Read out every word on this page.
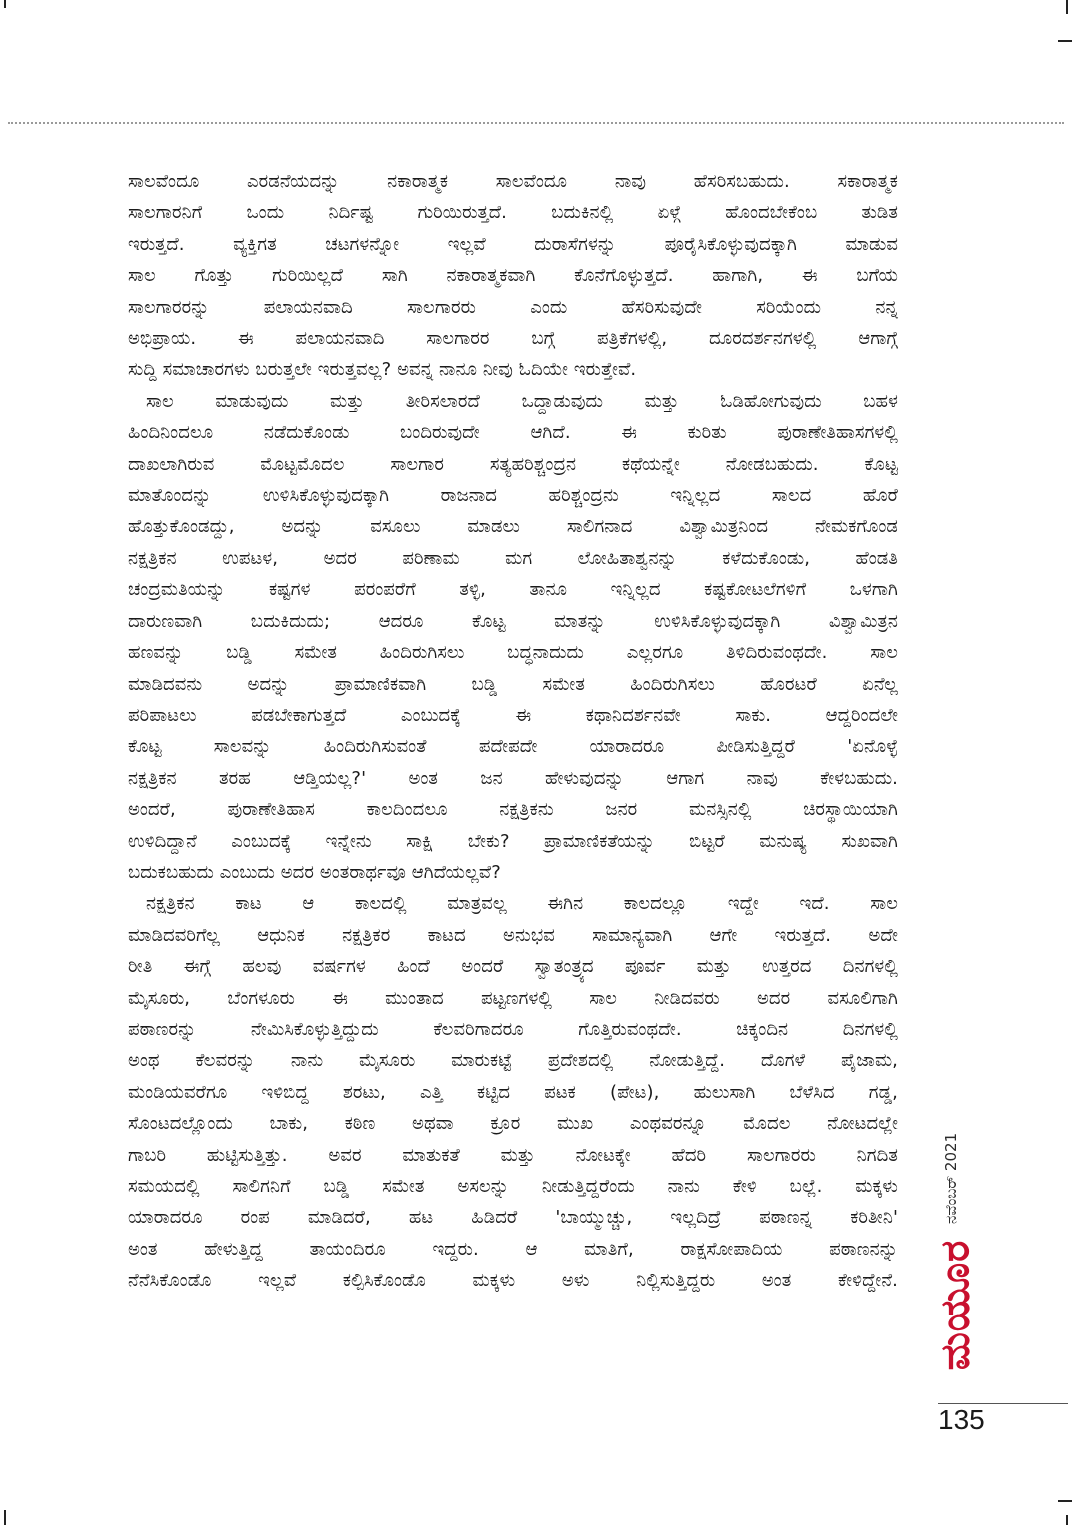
ಸಾಲವೆಂದೂ ಎರಡನೆಯದನ್ನು ನಕಾರಾತ್ಮಕ ಸಾಲವೆಂದೂ ನಾವು ಹೆಸರಿಸಬಹುದು. ಸಕಾರಾತ್ಮಕ

ಸಾಲಗಾರನಿಗೆ ಒಂದು ನಿರ್ದಿಷ್ಟ ಗುರಿಯಿರುತ್ತದೆ. ಬದುಕಿನಲ್ಲಿ ಏಳ್ಗೆ ಹೊಂದಬೇಕೆಂಬ ತುಡಿತ

ಇರುತ್ತದೆ. ವ್ಯಕ್ತಿಗತ ಚಟಗಳನ್ನೋ ಇಲ್ಲವೆ ದುರಾಸೆಗಳನ್ನು ಪೂರೈಸಿಕೊಳ್ಳುವುದಕ್ಕಾಗಿ ಮಾಡುವ

ಸಾಲ ಗೊತ್ತು ಗುರಿಯಿಲ್ಲದೆ ಸಾಗಿ ನಕಾರಾತ್ಮಕವಾಗಿ ಕೊನೆಗೊಳ್ಳುತ್ತದೆ. ಹಾಗಾಗಿ, ಈ ಬಗೆಯ

ಸಾಲಗಾರರನ್ನು ಪಲಾಯನವಾದಿ ಸಾಲಗಾರರು ಎಂದು ಹೆಸರಿಸುವುದೇ ಸರಿಯೆಂದು ನನ್ನ

ಅಭಿಪ್ರಾಯ. ಈ ಪಲಾಯನವಾದಿ ಸಾಲಗಾರರ ಬಗ್ಗೆ ಪತ್ರಿಕೆಗಳಲ್ಲಿ, ದೂರದರ್ಶನಗಳಲ್ಲಿ ಆಗಾಗ್ಗೆ

ಸುದ್ದಿ ಸಮಾಚಾರಗಳು ಬರುತ್ತಲೇ ಇರುತ್ತವಲ್ಲ? ಅವನ್ನ ನಾನೂ ನೀವು ಓದಿಯೇ ಇರುತ್ತೇವೆ.

ಸಾಲ ಮಾಡುವುದು ಮತ್ತು ತೀರಿಸಲಾರದೆ ಒದ್ದಾಡುವುದು ಮತ್ತು ಓಡಿಹೋಗುವುದು ಬಹಳ

ಹಿಂದಿನಿಂದಲೂ ನಡೆದುಕೊಂಡು ಬಂದಿರುವುದೇ ಆಗಿದೆ. ಈ ಕುರಿತು ಪುರಾಣೇತಿಹಾಸಗಳಲ್ಲಿ

ದಾಖಲಾಗಿರುವ ಮೊಟ್ಟಮೊದಲ ಸಾಲಗಾರ ಸತ್ಯಹರಿಶ್ಚಂದ್ರನ ಕಥೆಯನ್ನೇ ನೋಡಬಹುದು. ಕೊಟ್ಟ

ಮಾತೊಂದನ್ನು ಉಳಿಸಿಕೊಳ್ಳುವುದಕ್ಕಾಗಿ ರಾಜನಾದ ಹರಿಶ್ಚಂದ್ರನು ಇನ್ನಿಲ್ಲದ ಸಾಲದ ಹೊರೆ

ಹೊತ್ತುಕೊಂಡದ್ದು, ಅದನ್ನು ವಸೂಲು ಮಾಡಲು ಸಾಲಿಗನಾದ ವಿಶ್ವಾಮಿತ್ರನಿಂದ ನೇಮಕಗೊಂಡ

ನಕ್ಷತ್ರಿಕನ ಉಪಟಳ, ಅದರ ಪರಿಣಾಮ ಮಗ ಲೋಹಿತಾಶ್ವನನ್ನು ಕಳೆದುಕೊಂಡು, ಹೆಂಡತಿ

ಚಂದ್ರಮತಿಯನ್ನು ಕಷ್ಟಗಳ ಪರಂಪರೆಗೆ ತಳ್ಳಿ, ತಾನೂ ಇನ್ನಿಲ್ಲದ ಕಷ್ಟಕೋಟಲೆಗಳಿಗೆ ಒಳಗಾಗಿ

ದಾರುಣವಾಗಿ ಬದುಕಿದುದು; ಆದರೂ ಕೊಟ್ಟ ಮಾತನ್ನು ಉಳಿಸಿಕೊಳ್ಳುವುದಕ್ಕಾಗಿ ವಿಶ್ವಾಮಿತ್ರನ

ಹಣವನ್ನು ಬಡ್ಡಿ ಸಮೇತ ಹಿಂದಿರುಗಿಸಲು ಬದ್ಧನಾದುದು ಎಲ್ಲರಗೂ ತಿಳಿದಿರುವಂಥದೇ. ಸಾಲ

ಮಾಡಿದವನು ಅದನ್ನು ಪ್ರಾಮಾಣಿಕವಾಗಿ ಬಡ್ಡಿ ಸಮೇತ ಹಿಂದಿರುಗಿಸಲು ಹೊರಟರೆ ಏನೆಲ್ಲ

ಪರಿಪಾಟಲು ಪಡಬೇಕಾಗುತ್ತದೆ ಎಂಬುದಕ್ಕೆ ಈ ಕಥಾನಿದರ್ಶನವೇ ಸಾಕು. ಆದ್ದರಿಂದಲೇ

ಕೊಟ್ಟ ಸಾಲವನ್ನು ಹಿಂದಿರುಗಿಸುವಂತೆ ಪದೇಪದೇ ಯಾರಾದರೂ ಪೀಡಿಸುತ್ತಿದ್ದರೆ 'ಏನೊಳ್ಳೆ

ನಕ್ಷತ್ರಿಕನ ತರಹ ಆಡ್ತಿಯಲ್ಲ?' ಅಂತ ಜನ ಹೇಳುವುದನ್ನು ಆಗಾಗ ನಾವು ಕೇಳಬಹುದು.

ಅಂದರೆ, ಪುರಾಣೇತಿಹಾಸ ಕಾಲದಿಂದಲೂ ನಕ್ಷತ್ರಿಕನು ಜನರ ಮನಸ್ಸಿನಲ್ಲಿ ಚಿರಸ್ಥಾಯಿಯಾಗಿ

ಉಳಿದಿದ್ದಾನೆ ಎಂಬುದಕ್ಕೆ ಇನ್ನೇನು ಸಾಕ್ಷಿ ಬೇಕು? ಪ್ರಾಮಾಣಿಕತೆಯನ್ನು ಬಿಟ್ಟರೆ ಮನುಷ್ಯ ಸುಖವಾಗಿ

ಬದುಕಬಹುದು ಎಂಬುದು ಅದರ ಅಂತರಾರ್ಥವೂ ಆಗಿದೆಯಲ್ಲವೆ?

ನಕ್ಷತ್ರಿಕನ ಕಾಟ ಆ ಕಾಲದಲ್ಲಿ ಮಾತ್ರವಲ್ಲ ಈಗಿನ ಕಾಲದಲ್ಲೂ ಇದ್ದೇ ಇದೆ. ಸಾಲ

ಮಾಡಿದವರಿಗೆಲ್ಲ ಆಧುನಿಕ ನಕ್ಷತ್ರಿಕರ ಕಾಟದ ಅನುಭವ ಸಾಮಾನ್ಯವಾಗಿ ಆಗೇ ಇರುತ್ತದೆ. ಅದೇ

ರೀತಿ ಈಗ್ಗೆ ಹಲವು ವರ್ಷಗಳ ಹಿಂದೆ ಅಂದರೆ ಸ್ವಾತಂತ್ರ್ಯದ ಪೂರ್ವ ಮತ್ತು ಉತ್ತರದ ದಿನಗಳಲ್ಲಿ

ಮೈಸೂರು, ಬೆಂಗಳೂರು ಈ ಮುಂತಾದ ಪಟ್ಟಣಗಳಲ್ಲಿ ಸಾಲ ನೀಡಿದವರು ಅದರ ವಸೂಲಿಗಾಗಿ

ಪಠಾಣರನ್ನು ನೇಮಿಸಿಕೊಳ್ಳುತ್ತಿದ್ದುದು ಕೆಲವರಿಗಾದರೂ ಗೊತ್ತಿರುವಂಥದೇ. ಚಿಕ್ಕಂದಿನ ದಿನಗಳಲ್ಲಿ

ಅಂಥ ಕೆಲವರನ್ನು ನಾನು ಮೈಸೂರು ಮಾರುಕಟ್ಟೆ ಪ್ರದೇಶದಲ್ಲಿ ನೋಡುತ್ತಿದ್ದೆ. ದೊಗಳೆ ಪೈಜಾಮ,

ಮಂಡಿಯವರೆಗೂ ಇಳಿಬಿದ್ದ ಶರಟು, ಎತ್ತಿ ಕಟ್ಟಿದ ಪಟಕ (ಪೇಟ), ಹುಲುಸಾಗಿ ಬೆಳೆಸಿದ ಗಡ್ಡ,

ಸೊಂಟದಲ್ಲೊಂದು ಬಾಕು, ಕಠಿಣ ಅಥವಾ ಕ್ರೂರ ಮುಖ ಎಂಥವರನ್ನೂ ಮೊದಲ ನೋಟದಲ್ಲೇ

ಗಾಬರಿ ಹುಟ್ಟಿಸುತ್ತಿತ್ತು. ಅವರ ಮಾತುಕತೆ ಮತ್ತು ನೋಟಕ್ಕೇ ಹೆದರಿ ಸಾಲಗಾರರು ನಿಗದಿತ

ಸಮಯದಲ್ಲಿ ಸಾಲಿಗನಿಗೆ ಬಡ್ಡಿ ಸಮೇತ ಅಸಲನ್ನು ನೀಡುತ್ತಿದ್ದರೆಂದು ನಾನು ಕೇಳಿ ಬಲ್ಲೆ. ಮಕ್ಕಳು

ಯಾರಾದರೂ ರಂಪ ಮಾಡಿದರೆ, ಹಟ ಹಿಡಿದರೆ 'ಬಾಯ್ಮುಚ್ಚು, ಇಲ್ಲದಿದ್ರೆ ಪಠಾಣನ್ನ ಕರಿತೀನಿ'

ಅಂತ ಹೇಳುತ್ತಿದ್ದ ತಾಯಂದಿರೂ ಇದ್ದರು. ಆ ಮಾತಿಗೆ, ರಾಕ್ಷಸೋಪಾದಿಯ ಪಠಾಣನನ್ನು

ನೆನೆಸಿಕೊಂಡೊ ಇಲ್ಲವೆ ಕಲ್ಪಿಸಿಕೊಂಡೊ ಮಕ್ಕಳು ಅಳು ನಿಲ್ಲಿಸುತ್ತಿದ್ದರು ಅಂತ ಕೇಳಿದ್ದೇನೆ.

ನವೆಂಬರ್ 2021
ಮಯೂರ
135
